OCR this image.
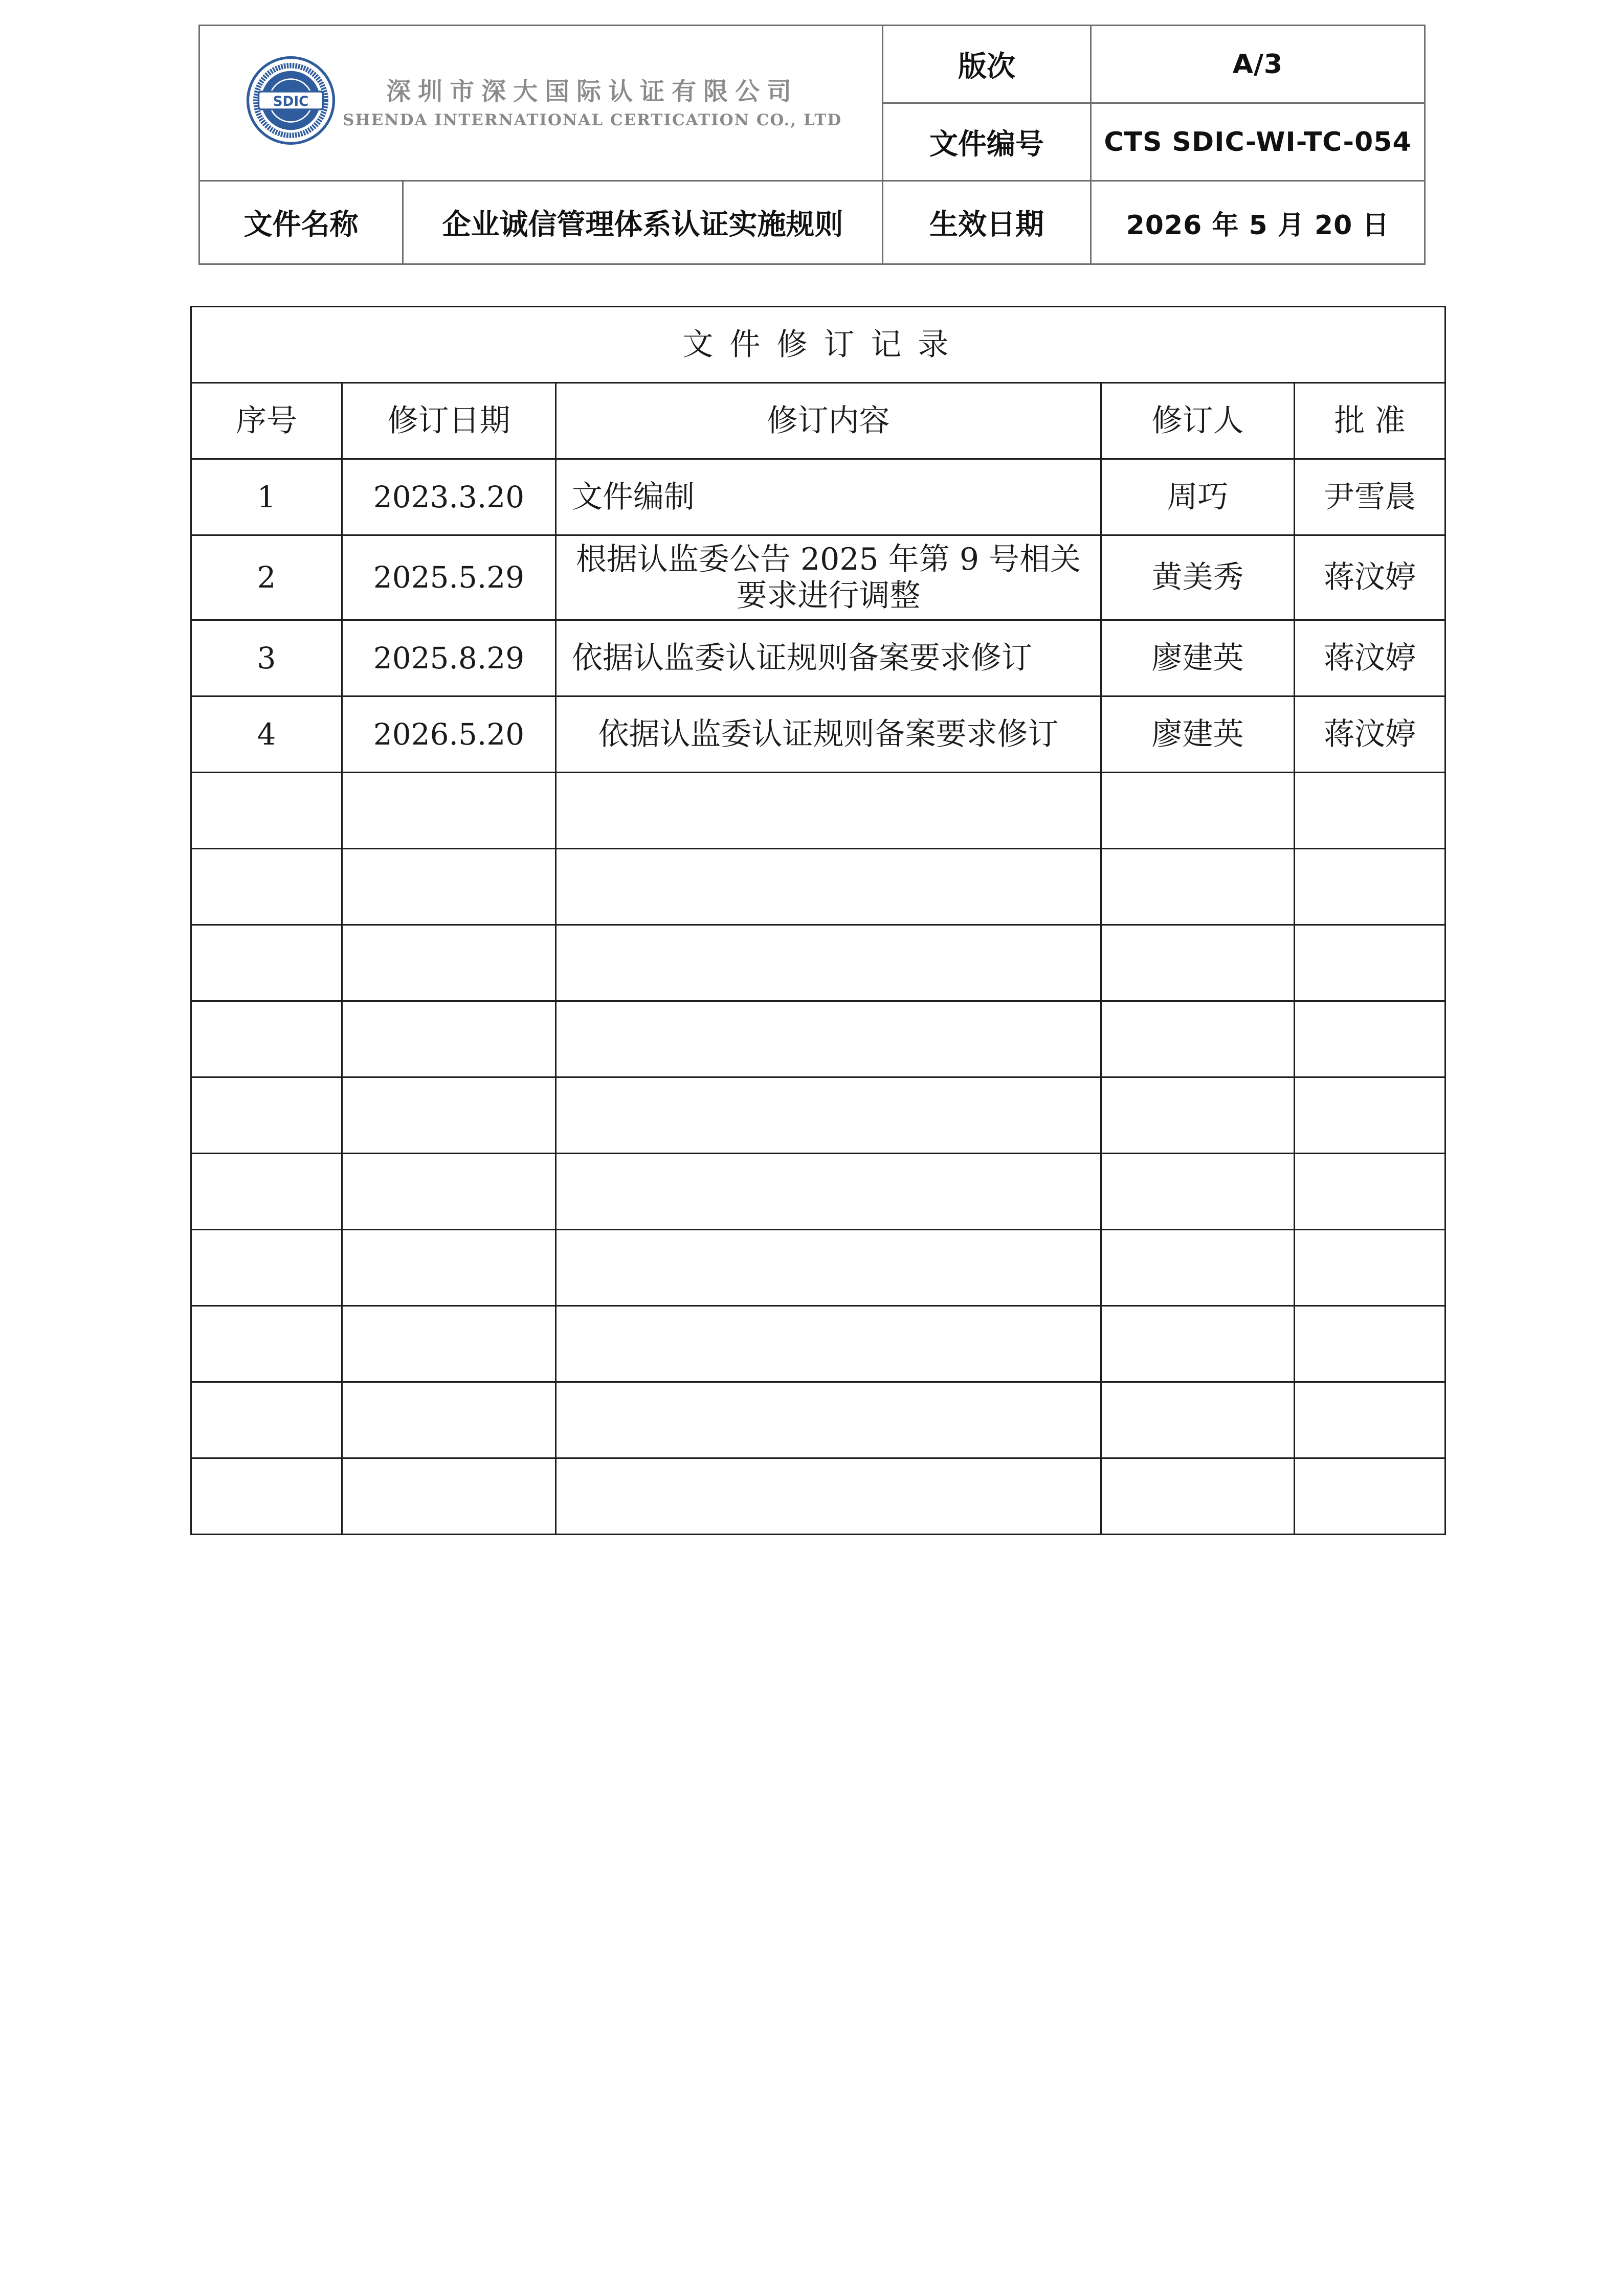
SDIC 深圳市深大国际认证有限公司
SHENDA INTERNATIONAL CERTICATION CO., LTD		版次	A/3
		文件编号	CTS SDIC-WI-TC-054
文件名称	企业诚信管理体系认证实施规则	生效日期	2026 年 5 月 20 日
文件修订记录				
序号	修订日期	修订内容	修订人	批 准
1	2023.3.20	文件编制	周巧	尹雪晨
2	2025.5.29	根据认监委公告 2025 年第 9 号相关要求进行调整	黄美秀	蒋汶婷
3	2025.8.29	依据认监委认证规则备案要求修订	廖建英	蒋汶婷
4	2026.5.20	依据认监委认证规则备案要求修订	廖建英	蒋汶婷
